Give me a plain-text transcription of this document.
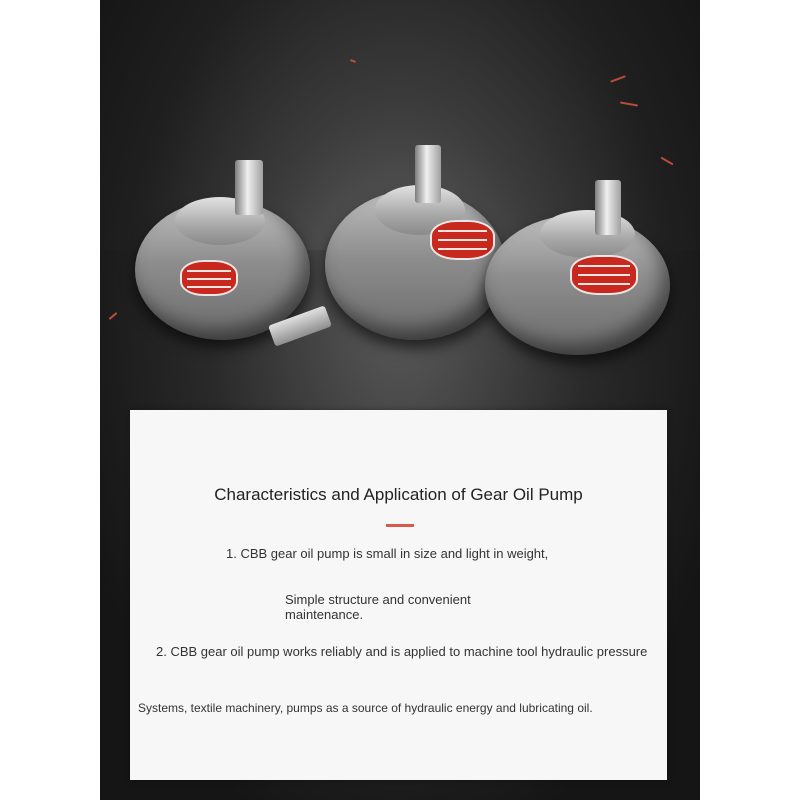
Characteristics and Application of Gear Oil Pump
1. CBB gear oil pump is small in size and light in weight,
Simple structure and convenient maintenance.
2. CBB gear oil pump works reliably and is applied to machine tool hydraulic pressure
Systems, textile machinery, pumps as a source of hydraulic energy and lubricating oil.
